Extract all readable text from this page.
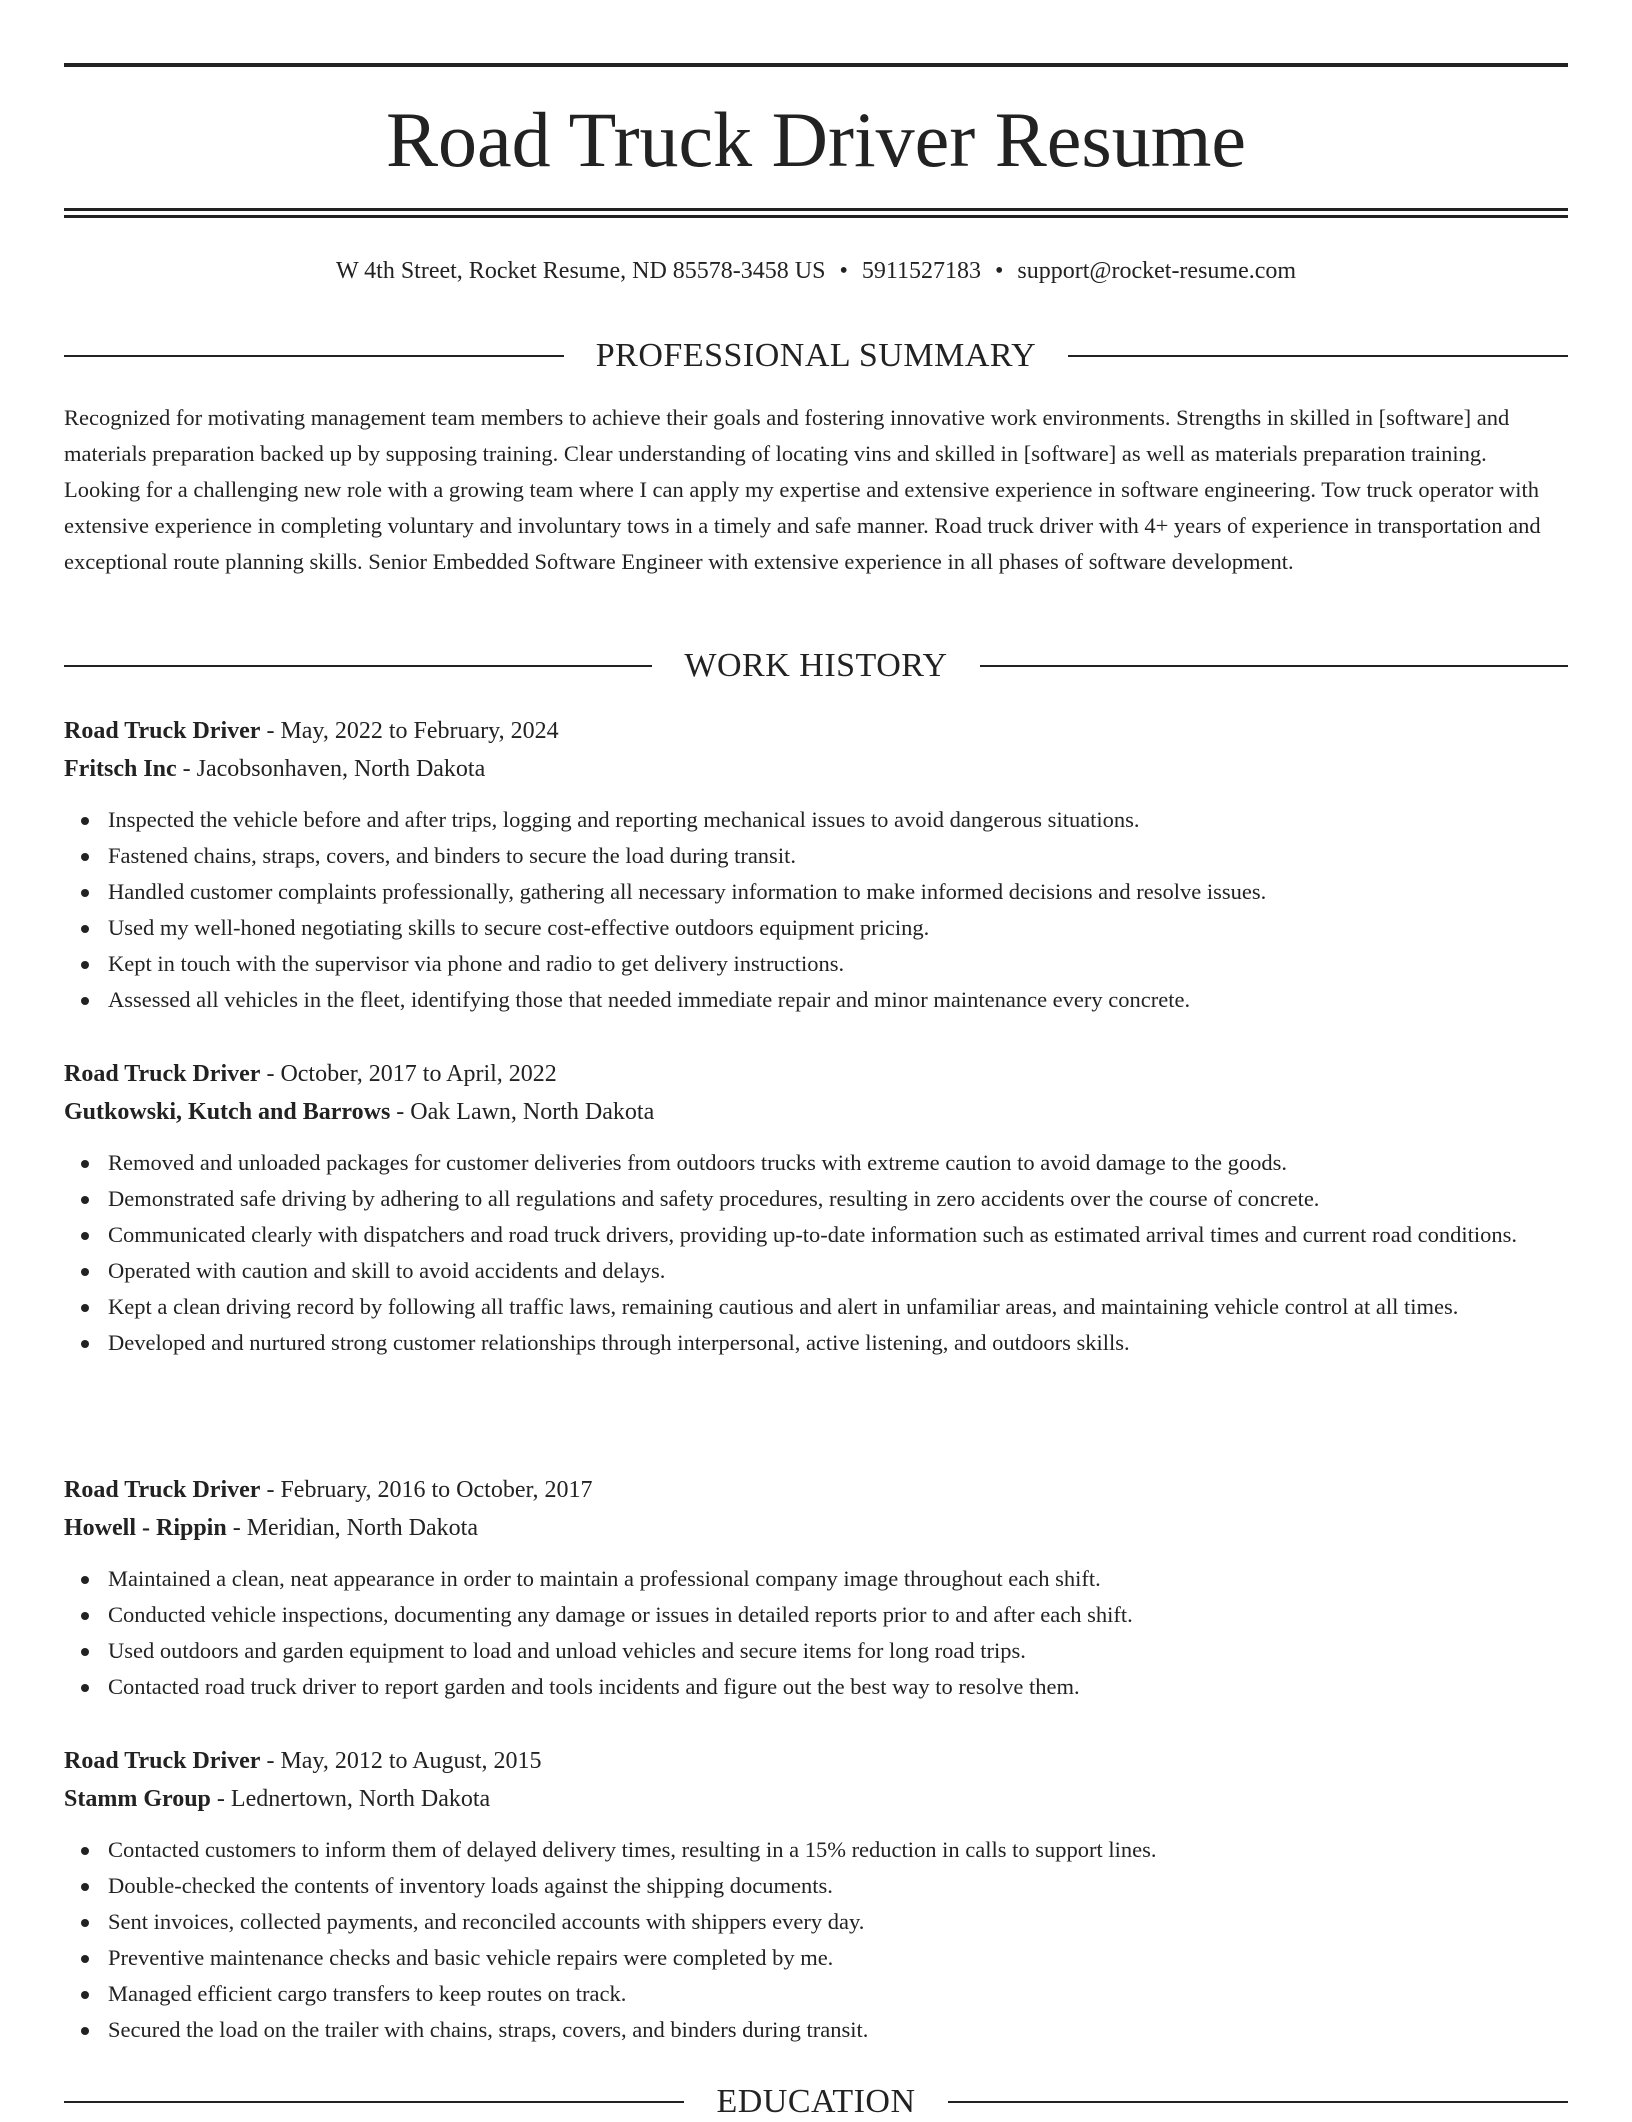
Road Truck Driver Resume
W 4th Street, Rocket Resume, ND 85578-3458 US • 5911527183 • support@rocket-resume.com
PROFESSIONAL SUMMARY

Recognized for motivating management team members to achieve their goals and fostering innovative work environments. Strengths in skilled in [software] and materials preparation backed up by supposing training. Clear understanding of locating vins and skilled in [software] as well as materials preparation training. Looking for a challenging new role with a growing team where I can apply my expertise and extensive experience in software engineering. Tow truck operator with extensive experience in completing voluntary and involuntary tows in a timely and safe manner. Road truck driver with 4+ years of experience in transportation and exceptional route planning skills. Senior Embedded Software Engineer with extensive experience in all phases of software development.

WORK HISTORY

Road Truck Driver - May, 2022 to February, 2024

Fritsch Inc - Jacobsonhaven, North Dakota

Inspected the vehicle before and after trips, logging and reporting mechanical issues to avoid dangerous situations.
Fastened chains, straps, covers, and binders to secure the load during transit.
Handled customer complaints professionally, gathering all necessary information to make informed decisions and resolve issues.
Used my well-honed negotiating skills to secure cost-effective outdoors equipment pricing.
Kept in touch with the supervisor via phone and radio to get delivery instructions.
Assessed all vehicles in the fleet, identifying those that needed immediate repair and minor maintenance every concrete.

Road Truck Driver - October, 2017 to April, 2022

Gutkowski, Kutch and Barrows - Oak Lawn, North Dakota

Removed and unloaded packages for customer deliveries from outdoors trucks with extreme caution to avoid damage to the goods.
Demonstrated safe driving by adhering to all regulations and safety procedures, resulting in zero accidents over the course of concrete.
Communicated clearly with dispatchers and road truck drivers, providing up-to-date information such as estimated arrival times and current road conditions.
Operated with caution and skill to avoid accidents and delays.
Kept a clean driving record by following all traffic laws, remaining cautious and alert in unfamiliar areas, and maintaining vehicle control at all times.
Developed and nurtured strong customer relationships through interpersonal, active listening, and outdoors skills.

Road Truck Driver - February, 2016 to October, 2017

Howell - Rippin - Meridian, North Dakota

Maintained a clean, neat appearance in order to maintain a professional company image throughout each shift.
Conducted vehicle inspections, documenting any damage or issues in detailed reports prior to and after each shift.
Used outdoors and garden equipment to load and unload vehicles and secure items for long road trips.
Contacted road truck driver to report garden and tools incidents and figure out the best way to resolve them.

Road Truck Driver - May, 2012 to August, 2015

Stamm Group - Lednertown, North Dakota

Contacted customers to inform them of delayed delivery times, resulting in a 15% reduction in calls to support lines.
Double-checked the contents of inventory loads against the shipping documents.
Sent invoices, collected payments, and reconciled accounts with shippers every day.
Preventive maintenance checks and basic vehicle repairs were completed by me.
Managed efficient cargo transfers to keep routes on track.
Secured the load on the trailer with chains, straps, covers, and binders during transit.
EDUCATION
